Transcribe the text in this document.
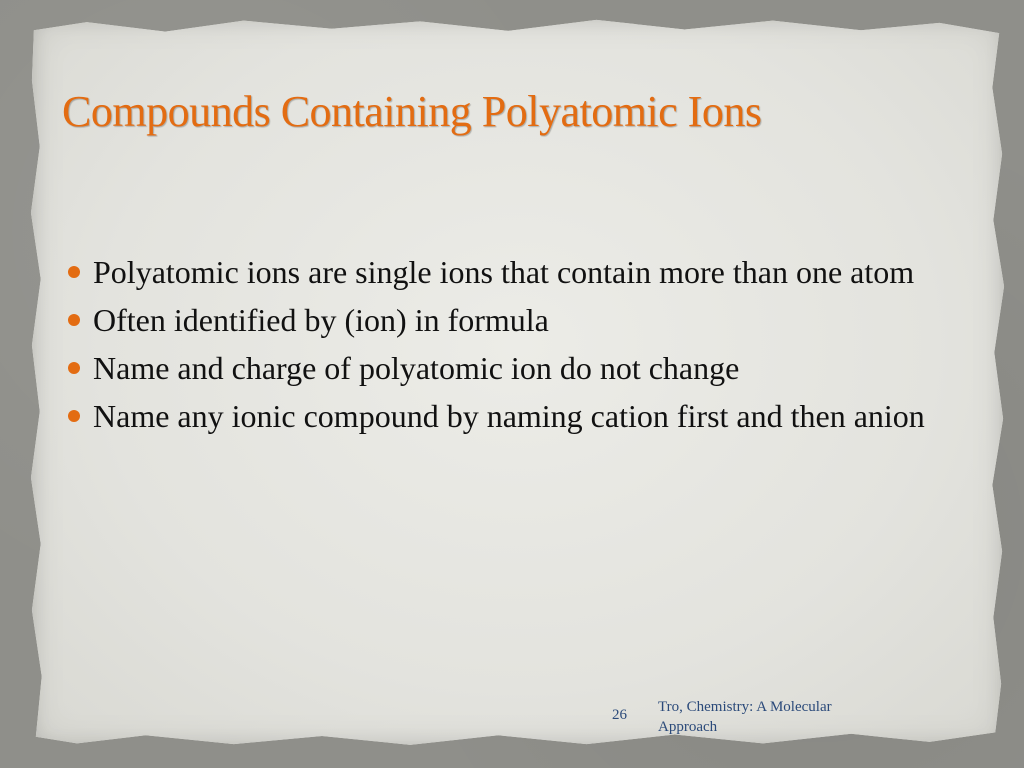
Compounds Containing Polyatomic Ions
Polyatomic ions are single ions that contain more than one atom
Often identified by (ion) in formula
Name and charge of polyatomic ion do not change
Name any ionic compound by naming cation first and then anion
26 Tro, Chemistry: A Molecular Approach
